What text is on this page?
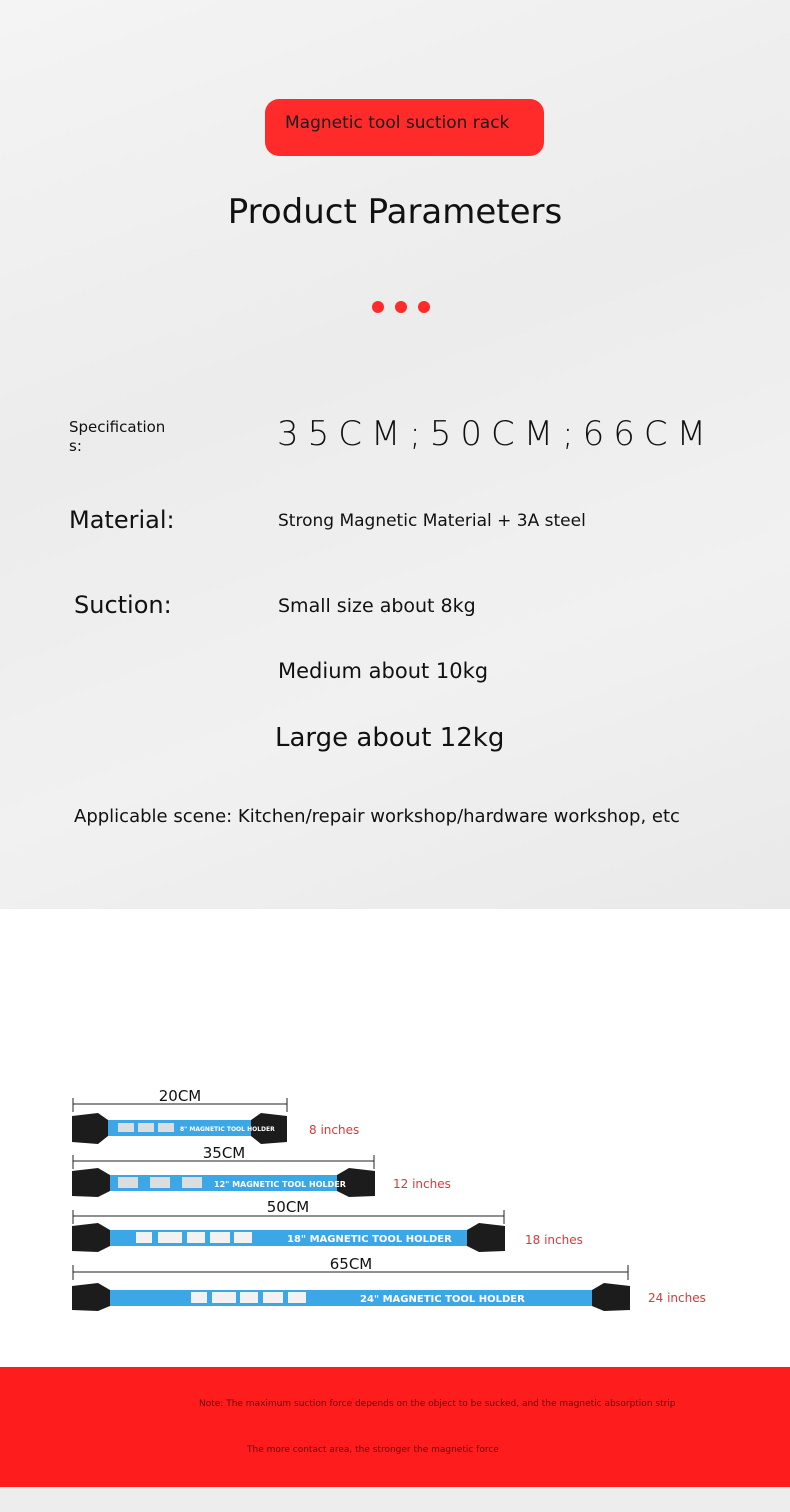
Magnetic tool suction rack
Product Parameters
Specification
s:	35CM;50CM;66CM
Material:	Strong Magnetic Material + 3A steel
Suction:	Small size about 8kg
Medium about 10kg
Large about 12kg
Applicable scene: Kitchen/repair workshop/hardware workshop, etc
20CM
8" MAGNETIC TOOL HOLDER	8 inches
35CM
12" MAGNETIC TOOL HOLDER	12 inches
50CM
18" MAGNETIC TOOL HOLDER	18 inches
65CM
24" MAGNETIC TOOL HOLDER	24 inches
Note: The maximum suction force depends on the object to be sucked, and the magnetic absorption strip
The more contact area, the stronger the magnetic force
